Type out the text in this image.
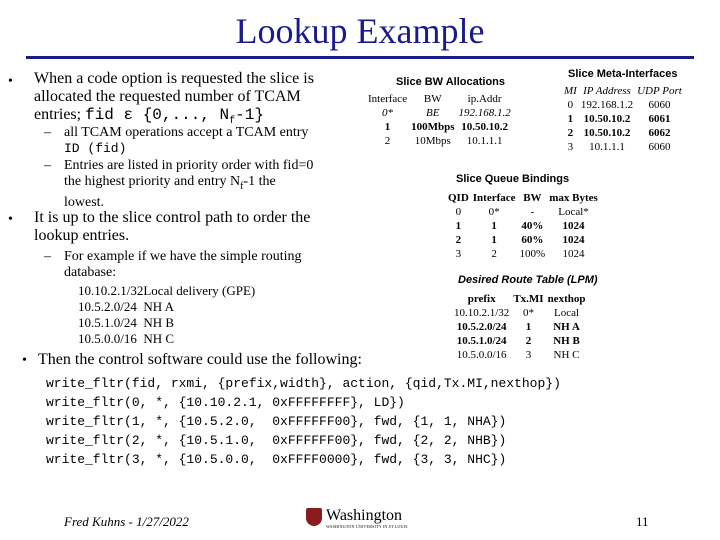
Lookup Example
• When a code option is requested the slice is
allocated the requested number of TCAM
entries; fid ε {0,..., $N_f-1$}
– all TCAM operations accept a TCAM entry
ID (fid)
– Entries are listed in priority order with fid=0
the highest priority and entry $N_f-1$ the
lowest.
• It is up to the slice control path to order the
lookup entries.
– For example if we have the simple routing
database:
10.10.2.1/32Local delivery (GPE)
10.5.2.0/24  NH A
10.5.1.0/24  NH B
10.5.0.0/16  NH C
• Then the control software could use the following:
write_fltr(fid, rxmi, {prefix,width}, action, {qid,Tx.MI,nexthop})
write_fltr(0, *, {10.10.2.1, 0xFFFFFFFF}, LD})
write_fltr(1, *, {10.5.2.0,  0xFFFFFF00}, fwd, {1, 1, NHA})
write_fltr(2, *, {10.5.1.0,  0xFFFFFF00}, fwd, {2, 2, NHB})
write_fltr(3, *, {10.5.0.0,  0xFFFF0000}, fwd, {3, 3, NHC})
Slice BW Allocations
Interface	BW	ip.Addr
0*	BE	192.168.1.2
1	100Mbps	10.50.10.2
2	10Mbps	10.1.1.1
Slice Meta-Interfaces
MI	IP Address	UDP Port
0	192.168.1.2	6060
1	10.50.10.2	6061
2	10.50.10.2	6062
3	10.1.1.1	6060
Slice Queue Bindings
QID	Interface	BW	max Bytes
0	0*	-	Local*
1	1	40%	1024
2	1	60%	1024
3	2	100%	1024
Desired Route Table (LPM)
prefix	Tx.MI	nexthop
10.10.2.1/32	0*	Local
10.5.2.0/24	1	NH A
10.5.1.0/24	2	NH B
10.5.0.0/16	3	NH C
Fred Kuhns - 1/27/2022	Washington
WASHINGTON UNIVERSITY IN ST LOUIS	11
